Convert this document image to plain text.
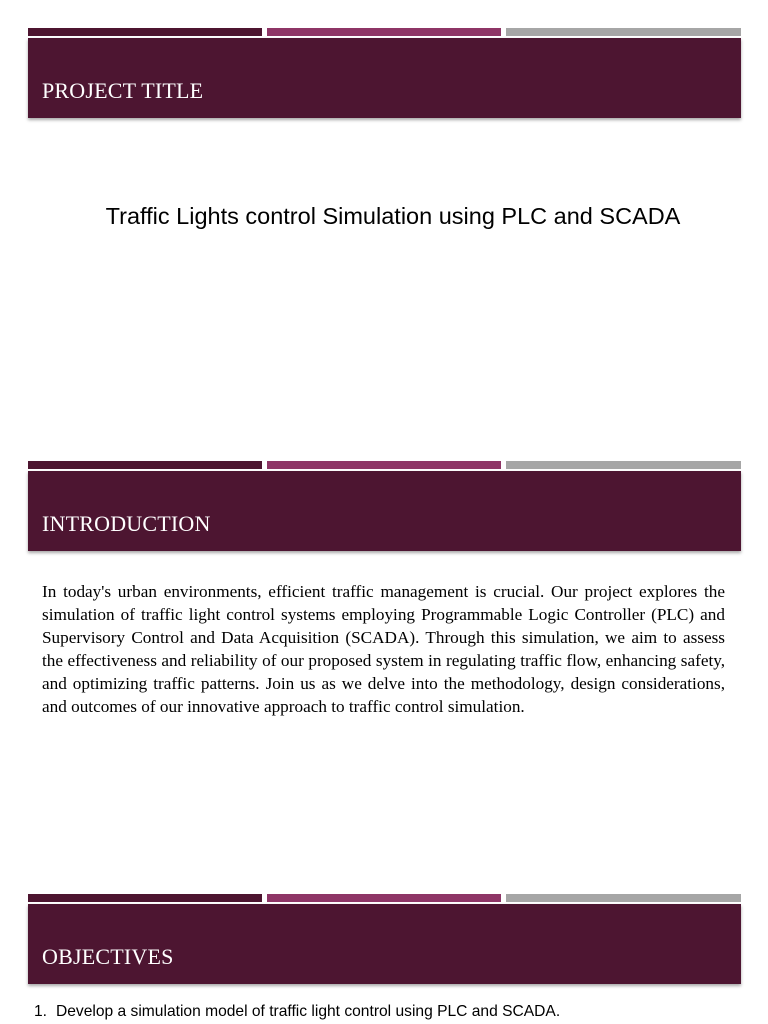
PROJECT TITLE

Traffic Lights control Simulation using PLC and SCADA

INTRODUCTION

In today's urban environments, efficient traffic management is crucial. Our project explores the simulation of traffic light control systems employing Programmable Logic Controller (PLC) and Supervisory Control and Data Acquisition (SCADA). Through this simulation, we aim to assess the effectiveness and reliability of our proposed system in regulating traffic flow, enhancing safety, and optimizing traffic patterns. Join us as we delve into the methodology, design considerations, and outcomes of our innovative approach to traffic control simulation.

OBJECTIVES
1. Develop a simulation model of traffic light control using PLC and SCADA.
